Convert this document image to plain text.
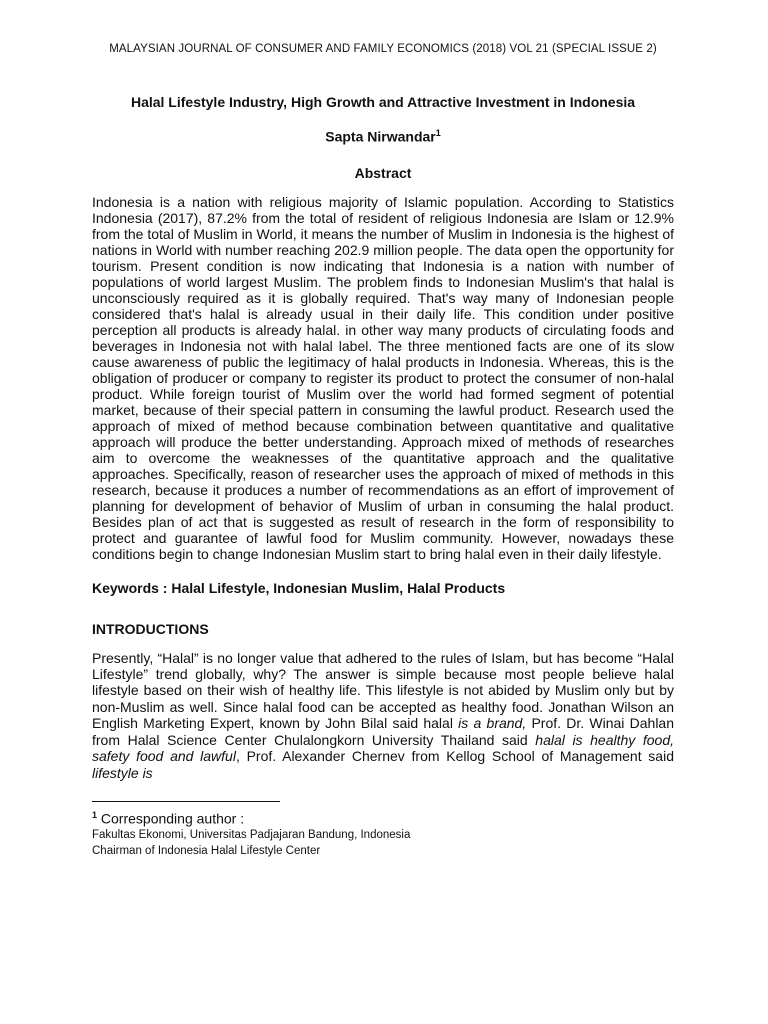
MALAYSIAN JOURNAL OF CONSUMER AND FAMILY ECONOMICS (2018) VOL 21 (SPECIAL ISSUE 2)
Halal Lifestyle Industry, High Growth and Attractive Investment in Indonesia
Sapta Nirwandar$^1$
Abstract
Indonesia is a nation with religious majority of Islamic population. According to Statistics Indonesia (2017), 87.2% from the total of resident of religious Indonesia are Islam or 12.9% from the total of Muslim in World, it means the number of Muslim in Indonesia is the highest of nations in World with number reaching 202.9 million people. The data open the opportunity for tourism. Present condition is now indicating that Indonesia is a nation with number of populations of world largest Muslim. The problem finds to Indonesian Muslim's that halal is unconsciously required as it is globally required. That's way many of Indonesian people considered that's halal is already usual in their daily life. This condition under positive perception all products is already halal. in other way many products of circulating foods and beverages in Indonesia not with halal label. The three mentioned facts are one of its slow cause awareness of public the legitimacy of halal products in Indonesia. Whereas, this is the obligation of producer or company to register its product to protect the consumer of non-halal product. While foreign tourist of Muslim over the world had formed segment of potential market, because of their special pattern in consuming the lawful product. Research used the approach of mixed of method because combination between quantitative and qualitative approach will produce the better understanding. Approach mixed of methods of researches aim to overcome the weaknesses of the quantitative approach and the qualitative approaches. Specifically, reason of researcher uses the approach of mixed of methods in this research, because it produces a number of recommendations as an effort of improvement of planning for development of behavior of Muslim of urban in consuming the halal product. Besides plan of act that is suggested as result of research in the form of responsibility to protect and guarantee of lawful food for Muslim community. However, nowadays these conditions begin to change Indonesian Muslim start to bring halal even in their daily lifestyle.
Keywords : Halal Lifestyle, Indonesian Muslim, Halal Products
INTRODUCTIONS
Presently, “Halal” is no longer value that adhered to the rules of Islam, but has become “Halal Lifestyle” trend globally, why? The answer is simple because most people believe halal lifestyle based on their wish of healthy life. This lifestyle is not abided by Muslim only but by non-Muslim as well. Since halal food can be accepted as healthy food. Jonathan Wilson an English Marketing Expert, known by John Bilal said halal is a brand, Prof. Dr. Winai Dahlan from Halal Science Center Chulalongkorn University Thailand said halal is healthy food, safety food and lawful, Prof. Alexander Chernev from Kellog School of Management said lifestyle is
$^1$ Corresponding author :
Fakultas Ekonomi, Universitas Padjajaran Bandung, Indonesia
Chairman of Indonesia Halal Lifestyle Center
